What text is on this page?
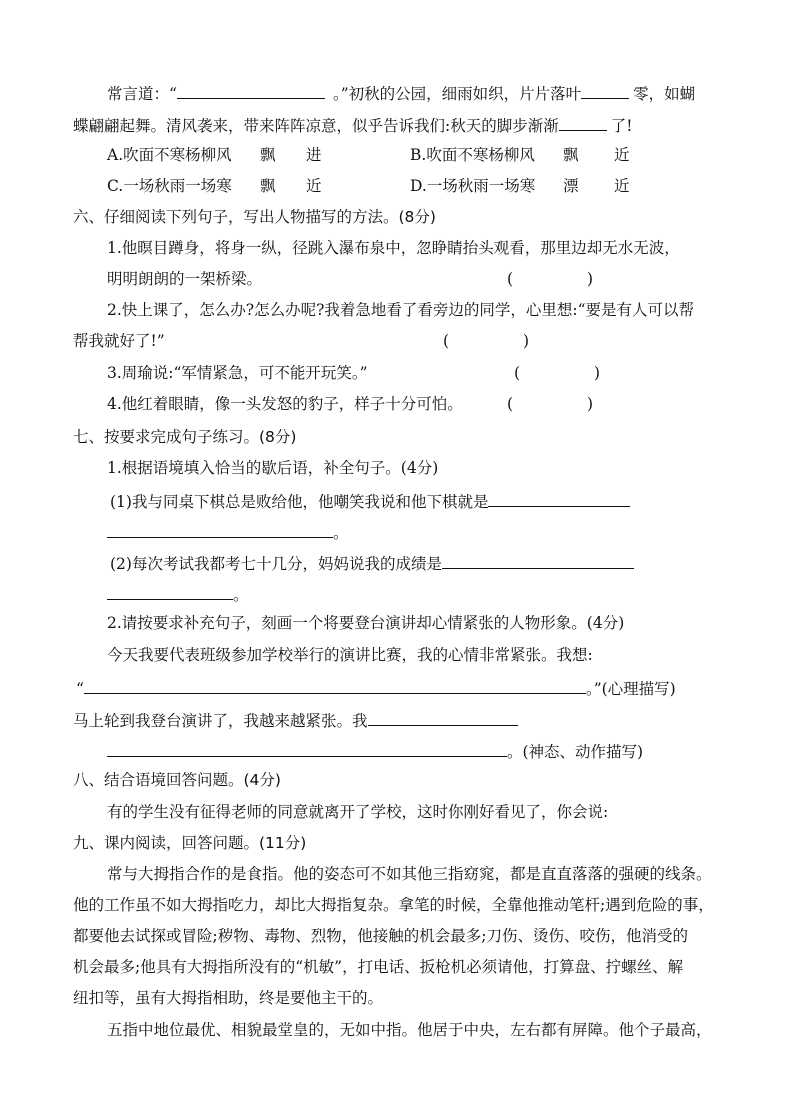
常言道：“	。”初秋的公园，细雨如织，片片落叶	零，如蝴
蝶翩翩起舞。清风袭来，带来阵阵凉意，似乎告诉我们:秋天的脚步渐渐	了!
A.吹面不寒杨柳风 飘 进	B.吹面不寒杨柳风 飘 近
C.一场秋雨一场寒 飘 近	D.一场秋雨一场寒 漂 近
六、仔细阅读下列句子，写出人物描写的方法。(8分)
1.他暝目蹲身，将身一纵，径跳入瀑布泉中，忽睁睛抬头观看，那里边却无水无波，
明明朗朗的一架桥梁。	(	)
2.快上课了，怎么办?怎么办呢?我着急地看了看旁边的同学，心里想:“要是有人可以帮
帮我就好了!”	(	)
3.周瑜说:“军情紧急，可不能开玩笑。”	(	)
4.他红着眼睛，像一头发怒的豹子，样子十分可怕。	(	)
七、按要求完成句子练习。(8分)
1.根据语境填入恰当的歇后语，补全句子。(4分)
(1)我与同桌下棋总是败给他，他嘲笑我说和他下棋就是
。
(2)每次考试我都考七十几分，妈妈说我的成绩是
。
2.请按要求补充句子，刻画一个将要登台演讲却心情紧张的人物形象。(4分)
今天我要代表班级参加学校举行的演讲比赛，我的心情非常紧张。我想:
“	。”(心理描写)
马上轮到我登台演讲了，我越来越紧张。我
。(神态、动作描写)
八、结合语境回答问题。(4分)
有的学生没有征得老师的同意就离开了学校，这时你刚好看见了，你会说:
九、课内阅读，回答问题。(11分)
常与大拇指合作的是食指。他的姿态可不如其他三指窈窕，都是直直落落的强硬的线条。
他的工作虽不如大拇指吃力，却比大拇指复杂。拿笔的时候，全靠他推动笔杆;遇到危险的事，
都要他去试探或冒险;秽物、毒物、烈物，他接触的机会最多;刀伤、烫伤、咬伤，他消受的
机会最多;他具有大拇指所没有的“机敏”，打电话、扳枪机必须请他，打算盘、拧螺丝、解
纽扣等，虽有大拇指相助，终是要他主干的。
五指中地位最优、相貌最堂皇的，无如中指。他居于中央，左右都有屏障。他个子最高，
